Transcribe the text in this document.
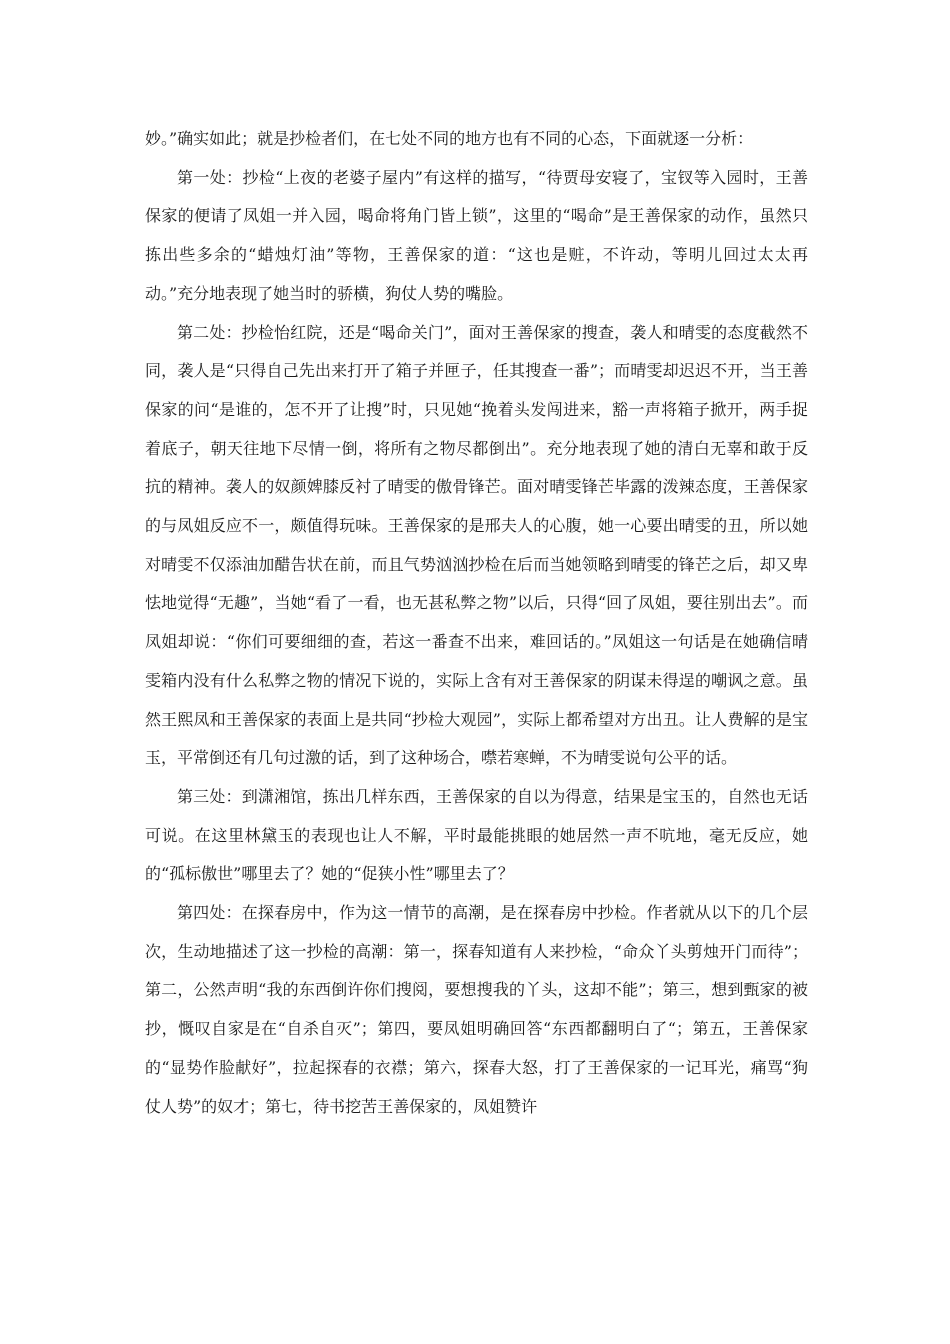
妙。”确实如此；就是抄检者们，在七处不同的地方也有不同的心态，下面就逐一分析：

第一处：抄检“上夜的老婆子屋内”有这样的描写，“待贾母安寝了，宝钗等入园时，王善保家的便请了凤姐一并入园，喝命将角门皆上锁”，这里的“喝命”是王善保家的动作，虽然只拣出些多余的“蜡烛灯油”等物，王善保家的道：“这也是赃，不许动，等明儿回过太太再动。”充分地表现了她当时的骄横，狗仗人势的嘴脸。

第二处：抄检怡红院，还是“喝命关门”，面对王善保家的搜查，袭人和晴雯的态度截然不同，袭人是“只得自己先出来打开了箱子并匣子，任其搜查一番”；而晴雯却迟迟不开，当王善保家的问“是谁的，怎不开了让搜”时，只见她“挽着头发闯进来，豁一声将箱子掀开，两手捉着底子，朝天往地下尽情一倒，将所有之物尽都倒出”。充分地表现了她的清白无辜和敢于反抗的精神。袭人的奴颜婢膝反衬了晴雯的傲骨锋芒。面对晴雯锋芒毕露的泼辣态度，王善保家的与凤姐反应不一，颇值得玩味。王善保家的是邢夫人的心腹，她一心要出晴雯的丑，所以她对晴雯不仅添油加醋告状在前，而且气势汹汹抄检在后而当她领略到晴雯的锋芒之后，却又卑怯地觉得“无趣”，当她“看了一看，也无甚私弊之物”以后，只得“回了凤姐，要往别出去”。而凤姐却说：“你们可要细细的查，若这一番查不出来，难回话的。”凤姐这一句话是在她确信晴雯箱内没有什么私弊之物的情况下说的，实际上含有对王善保家的阴谋未得逞的嘲讽之意。虽然王熙凤和王善保家的表面上是共同“抄检大观园”，实际上都希望对方出丑。让人费解的是宝玉，平常倒还有几句过激的话，到了这种场合，噤若寒蝉，不为晴雯说句公平的话。

第三处：到潇湘馆，拣出几样东西，王善保家的自以为得意，结果是宝玉的，自然也无话可说。在这里林黛玉的表现也让人不解，平时最能挑眼的她居然一声不吭地，毫无反应，她的“孤标傲世”哪里去了？她的“促狭小性”哪里去了？

第四处：在探春房中，作为这一情节的高潮，是在探春房中抄检。作者就从以下的几个层次，生动地描述了这一抄检的高潮：第一，探春知道有人来抄检，“命众丫头剪烛开门而待”；第二，公然声明“我的东西倒许你们搜阅，要想搜我的丫头，这却不能”；第三，想到甄家的被抄，慨叹自家是在“自杀自灭”；第四，要凤姐明确回答“东西都翻明白了“；第五，王善保家的“显势作脸献好”，拉起探春的衣襟；第六，探春大怒，打了王善保家的一记耳光，痛骂“狗仗人势”的奴才；第七，待书挖苦王善保家的，凤姐赞许
